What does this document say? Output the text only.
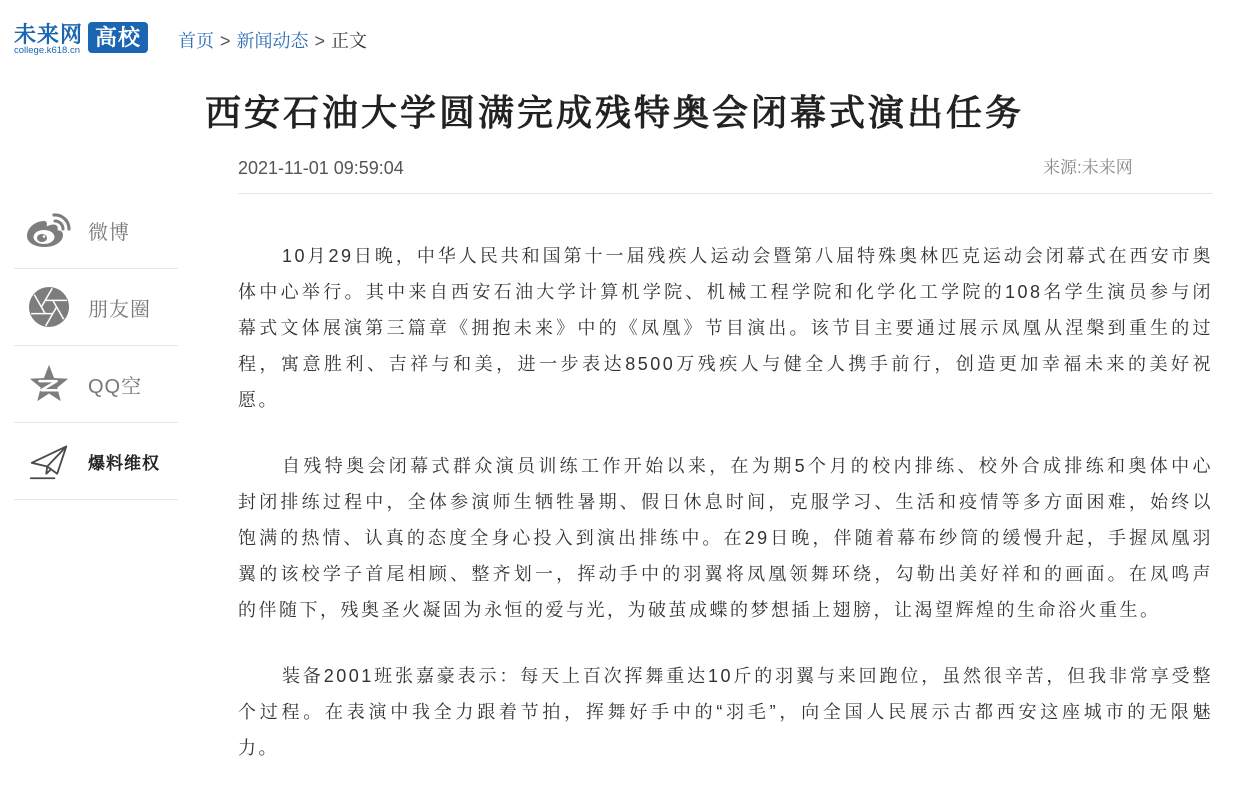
未来网
college.k618.cn
高校	首页 > 新闻动态 > 正文
西安石油大学圆满完成残特奥会闭幕式演出任务
2021-11-01 09:59:04	来源:未来网
微博
朋友圈
QQ空
爆料维权
10月29日晚，中华人民共和国第十一届残疾人运动会暨第八届特殊奥林匹克运动会闭幕式在西安市奥
体中心举行。其中来自西安石油大学计算机学院、机械工程学院和化学化工学院的108名学生演员参与闭
幕式文体展演第三篇章《拥抱未来》中的《凤凰》节目演出。该节目主要通过展示凤凰从涅槃到重生的过
程，寓意胜利、吉祥与和美，进一步表达8500万残疾人与健全人携手前行，创造更加幸福未来的美好祝
愿。
自残特奥会闭幕式群众演员训练工作开始以来，在为期5个月的校内排练、校外合成排练和奥体中心
封闭排练过程中，全体参演师生牺牲暑期、假日休息时间，克服学习、生活和疫情等多方面困难，始终以
饱满的热情、认真的态度全身心投入到演出排练中。在29日晚，伴随着幕布纱筒的缓慢升起，手握凤凰羽
翼的该校学子首尾相顾、整齐划一，挥动手中的羽翼将凤凰领舞环绕，勾勒出美好祥和的画面。在凤鸣声
的伴随下，残奥圣火凝固为永恒的爱与光，为破茧成蝶的梦想插上翅膀，让渴望辉煌的生命浴火重生。
装备2001班张嘉豪表示：每天上百次挥舞重达10斤的羽翼与来回跑位，虽然很辛苦，但我非常享受整
个过程。在表演中我全力跟着节拍，挥舞好手中的“羽毛”，向全国人民展示古都西安这座城市的无限魅
力。
